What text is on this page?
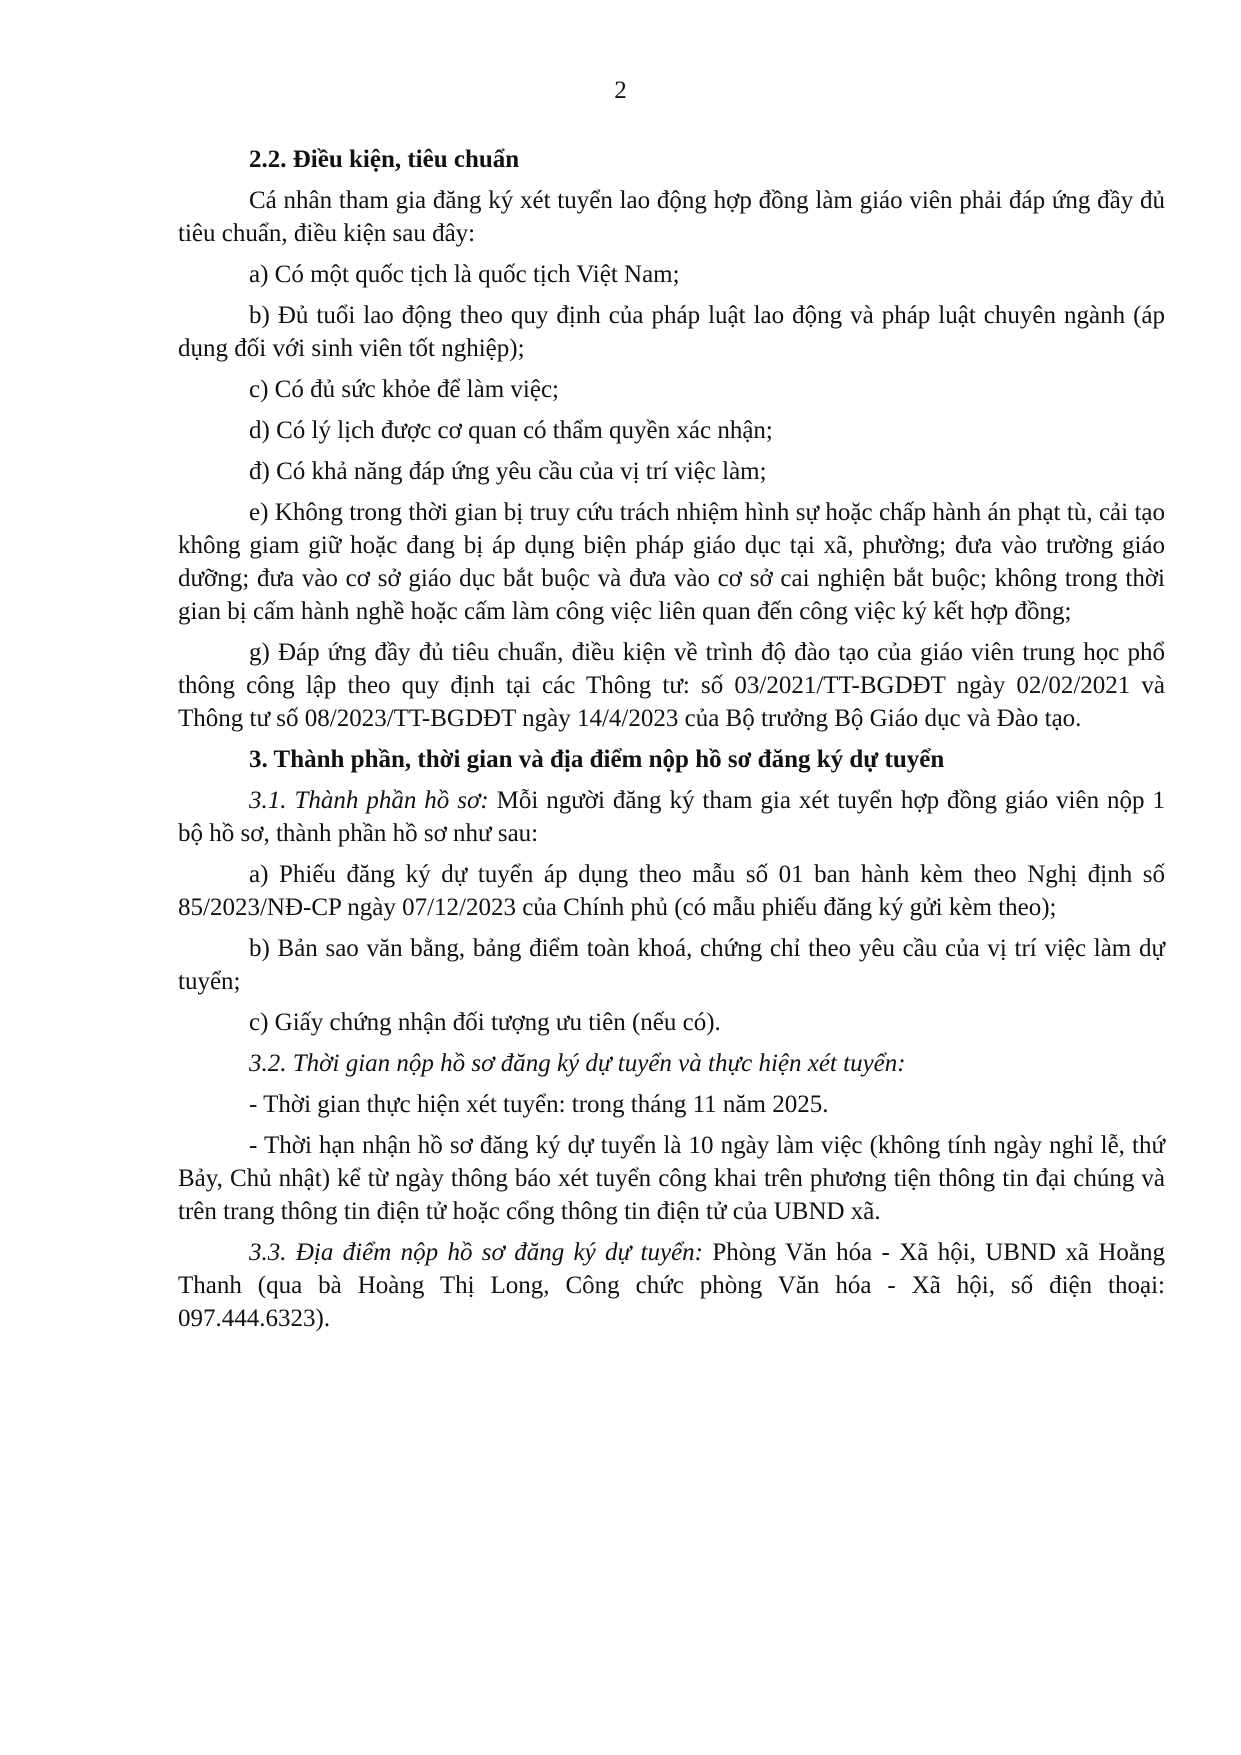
2

2.2. Điều kiện, tiêu chuẩn

Cá nhân tham gia đăng ký xét tuyển lao động hợp đồng làm giáo viên phải đáp ứng đầy đủ tiêu chuẩn, điều kiện sau đây:

a) Có một quốc tịch là quốc tịch Việt Nam;

b) Đủ tuổi lao động theo quy định của pháp luật lao động và pháp luật chuyên ngành (áp dụng đối với sinh viên tốt nghiệp);

c) Có đủ sức khỏe để làm việc;

d) Có lý lịch được cơ quan có thẩm quyền xác nhận;

đ) Có khả năng đáp ứng yêu cầu của vị trí việc làm;

e) Không trong thời gian bị truy cứu trách nhiệm hình sự hoặc chấp hành án phạt tù, cải tạo không giam giữ hoặc đang bị áp dụng biện pháp giáo dục tại xã, phường; đưa vào trường giáo dưỡng; đưa vào cơ sở giáo dục bắt buộc và đưa vào cơ sở cai nghiện bắt buộc; không trong thời gian bị cấm hành nghề hoặc cấm làm công việc liên quan đến công việc ký kết hợp đồng;

g) Đáp ứng đầy đủ tiêu chuẩn, điều kiện về trình độ đào tạo của giáo viên trung học phổ thông công lập theo quy định tại các Thông tư: số 03/2021/TT-BGDĐT ngày 02/02/2021 và Thông tư số 08/2023/TT-BGDĐT ngày 14/4/2023 của Bộ trưởng Bộ Giáo dục và Đào tạo.

3. Thành phần, thời gian và địa điểm nộp hồ sơ đăng ký dự tuyển

3.1. Thành phần hồ sơ: Mỗi người đăng ký tham gia xét tuyển hợp đồng giáo viên nộp 1 bộ hồ sơ, thành phần hồ sơ như sau:

a) Phiếu đăng ký dự tuyển áp dụng theo mẫu số 01 ban hành kèm theo Nghị định số 85/2023/NĐ-CP ngày 07/12/2023 của Chính phủ (có mẫu phiếu đăng ký gửi kèm theo);

b) Bản sao văn bằng, bảng điểm toàn khoá, chứng chỉ theo yêu cầu của vị trí việc làm dự tuyển;

c) Giấy chứng nhận đối tượng ưu tiên (nếu có).

3.2. Thời gian nộp hồ sơ đăng ký dự tuyển và thực hiện xét tuyển:

- Thời gian thực hiện xét tuyển: trong tháng 11 năm 2025.

- Thời hạn nhận hồ sơ đăng ký dự tuyển là 10 ngày làm việc (không tính ngày nghỉ lễ, thứ Bảy, Chủ nhật) kể từ ngày thông báo xét tuyển công khai trên phương tiện thông tin đại chúng và trên trang thông tin điện tử hoặc cổng thông tin điện tử của UBND xã.

3.3. Địa điểm nộp hồ sơ đăng ký dự tuyển: Phòng Văn hóa - Xã hội, UBND xã Hoằng Thanh (qua bà Hoàng Thị Long, Công chức phòng Văn hóa - Xã hội, số điện thoại: 097.444.6323).
